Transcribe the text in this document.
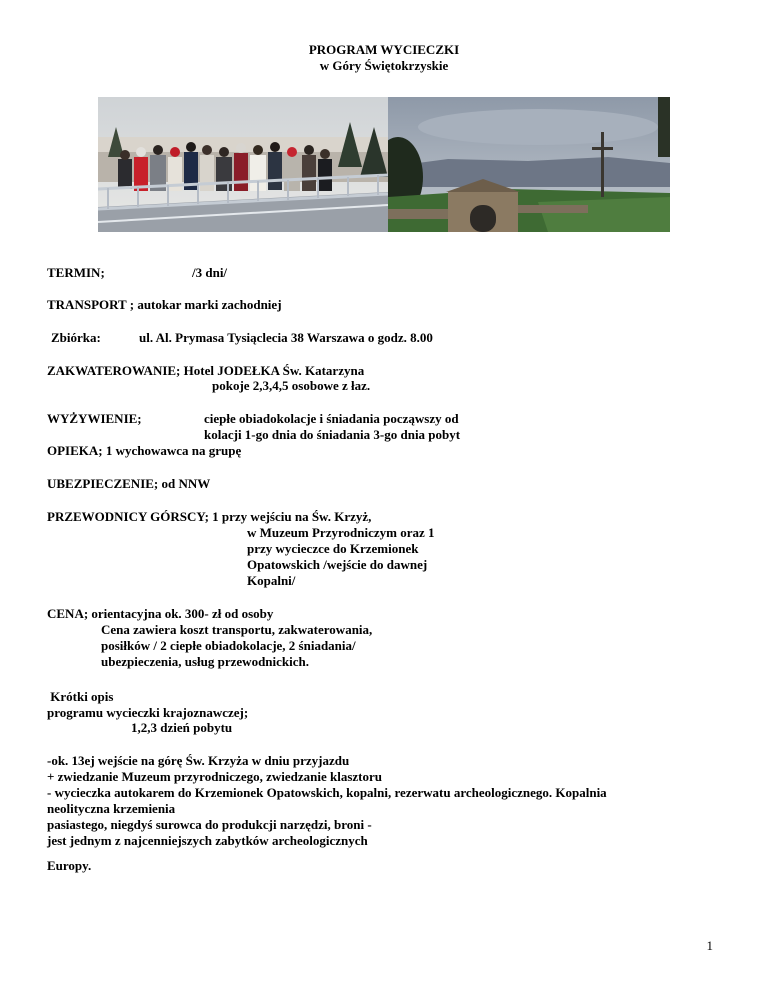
PROGRAM WYCIECZKI
w Góry Świętokrzyskie
TERMIN;	/3 dni/
TRANSPORT ; autokar marki zachodniej
Zbiórka:	ul. Al. Prymasa Tysiąclecia 38 Warszawa o godz. 8.00
ZAKWATEROWANIE; Hotel JODEŁKA Św. Katarzyna
pokoje 2,3,4,5 osobowe z łaz.
WYŻYWIENIE;	ciepłe obiadokolacje i śniadania począwszy od
kolacji 1-go dnia do śniadania 3-go dnia pobyt
OPIEKA; 1 wychowawca na grupę
UBEZPIECZENIE; od NNW
PRZEWODNICY GÓRSCY; 1 przy wejściu na Św. Krzyż,
w Muzeum Przyrodniczym oraz 1
przy wycieczce do Krzemionek
Opatowskich /wejście do dawnej
Kopalni/
CENA; orientacyjna ok. 300- zł od osoby
Cena zawiera koszt transportu, zakwaterowania,
posiłków / 2 ciepłe obiadokolacje, 2 śniadania/
ubezpieczenia, usług przewodnickich.
Krótki opis
programu wycieczki krajoznawczej;
1,2,3 dzień pobytu
-ok. 13ej wejście na górę Św. Krzyża w dniu przyjazdu
+ zwiedzanie Muzeum przyrodniczego, zwiedzanie klasztoru
- wycieczka autokarem do Krzemionek Opatowskich, kopalni, rezerwatu archeologicznego. Kopalnia
neolityczna krzemienia
pasiastego, niegdyś surowca do produkcji narzędzi, broni -
jest jednym z najcenniejszych zabytków archeologicznych
Europy.
1
